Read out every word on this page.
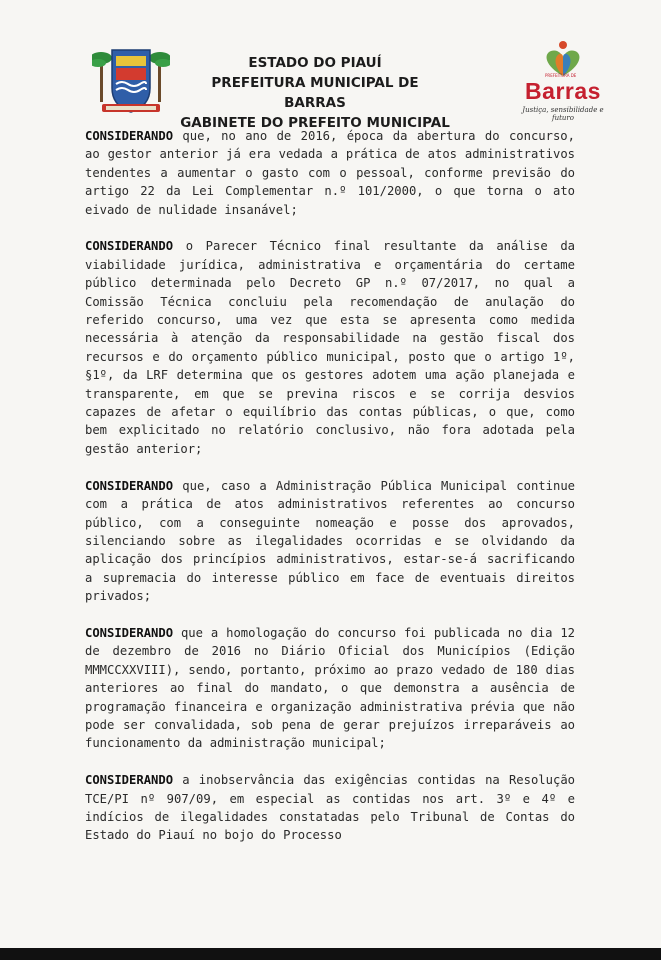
ESTADO DO PIAUÍ
PREFEITURA MUNICIPAL DE BARRAS
GABINETE DO PREFEITO MUNICIPAL
PREFEITURA DE
Barras
Justiça, sensibilidade e futuro

CONSIDERANDO que, no ano de 2016, época da abertura do concurso, ao gestor anterior já era vedada a prática de atos administrativos tendentes a aumentar o gasto com o pessoal, conforme previsão do artigo 22 da Lei Complementar n.º 101/2000, o que torna o ato eivado de nulidade insanável;

CONSIDERANDO o Parecer Técnico final resultante da análise da viabilidade jurídica, administrativa e orçamentária do certame público determinada pelo Decreto GP n.º 07/2017, no qual a Comissão Técnica concluiu pela recomendação de anulação do referido concurso, uma vez que esta se apresenta como medida necessária à atenção da responsabilidade na gestão fiscal dos recursos e do orçamento público municipal, posto que o artigo 1º, §1º, da LRF determina que os gestores adotem uma ação planejada e transparente, em que se previna riscos e se corrija desvios capazes de afetar o equilíbrio das contas públicas, o que, como bem explicitado no relatório conclusivo, não fora adotada pela gestão anterior;

CONSIDERANDO que, caso a Administração Pública Municipal continue com a prática de atos administrativos referentes ao concurso público, com a conseguinte nomeação e posse dos aprovados, silenciando sobre as ilegalidades ocorridas e se olvidando da aplicação dos princípios administrativos, estar-se-á sacrificando a supremacia do interesse público em face de eventuais direitos privados;

CONSIDERANDO que a homologação do concurso foi publicada no dia 12 de dezembro de 2016 no Diário Oficial dos Municípios (Edição MMMCCXXVIII), sendo, portanto, próximo ao prazo vedado de 180 dias anteriores ao final do mandato, o que demonstra a ausência de programação financeira e organização administrativa prévia que não pode ser convalidada, sob pena de gerar prejuízos irreparáveis ao funcionamento da administração municipal;

CONSIDERANDO a inobservância das exigências contidas na Resolução TCE/PI nº 907/09, em especial as contidas nos art. 3º e 4º e indícios de ilegalidades constatadas pelo Tribunal de Contas do Estado do Piauí no bojo do Processo
